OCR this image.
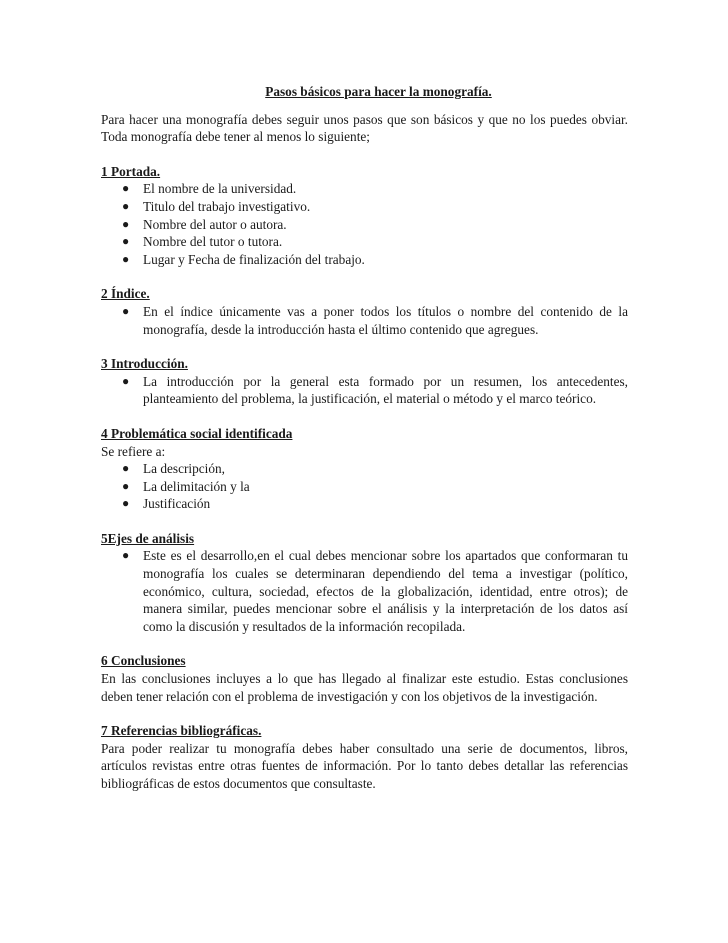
Pasos básicos para hacer la monografía.

Para hacer una monografía debes seguir unos pasos que son básicos y que no los puedes obviar. Toda monografía debe tener al menos lo siguiente;

1 Portada.
● El nombre de la universidad.
● Titulo del trabajo investigativo.
● Nombre del autor o autora.
● Nombre del tutor o tutora.
● Lugar y Fecha de finalización del trabajo.
2 Índice.
● En el índice únicamente vas a poner todos los títulos o nombre del contenido de la monografía, desde la introducción hasta el último contenido que agregues.
3 Introducción.
● La introducción por la general esta formado por un resumen, los antecedentes, planteamiento del problema, la justificación, el material o método y el marco teórico.
4 Problemática social identificada
Se refiere a:
● La descripción,
● La delimitación y la
● Justificación
5Ejes de análisis
● Este es el desarrollo,en el cual debes mencionar sobre los apartados que conformaran tu monografía los cuales se determinaran dependiendo del tema a investigar (político, económico, cultura, sociedad, efectos de la globalización, identidad, entre otros); de manera similar, puedes mencionar sobre el análisis y la interpretación de los datos así como la discusión y resultados de la información recopilada.
6 Conclusiones

En las conclusiones incluyes a lo que has llegado al finalizar este estudio. Estas conclusiones deben tener relación con el problema de investigación y con los objetivos de la investigación.

7 Referencias bibliográficas.

Para poder realizar tu monografía debes haber consultado una serie de documentos, libros, artículos revistas entre otras fuentes de información. Por lo tanto debes detallar las referencias bibliográficas de estos documentos que consultaste.
